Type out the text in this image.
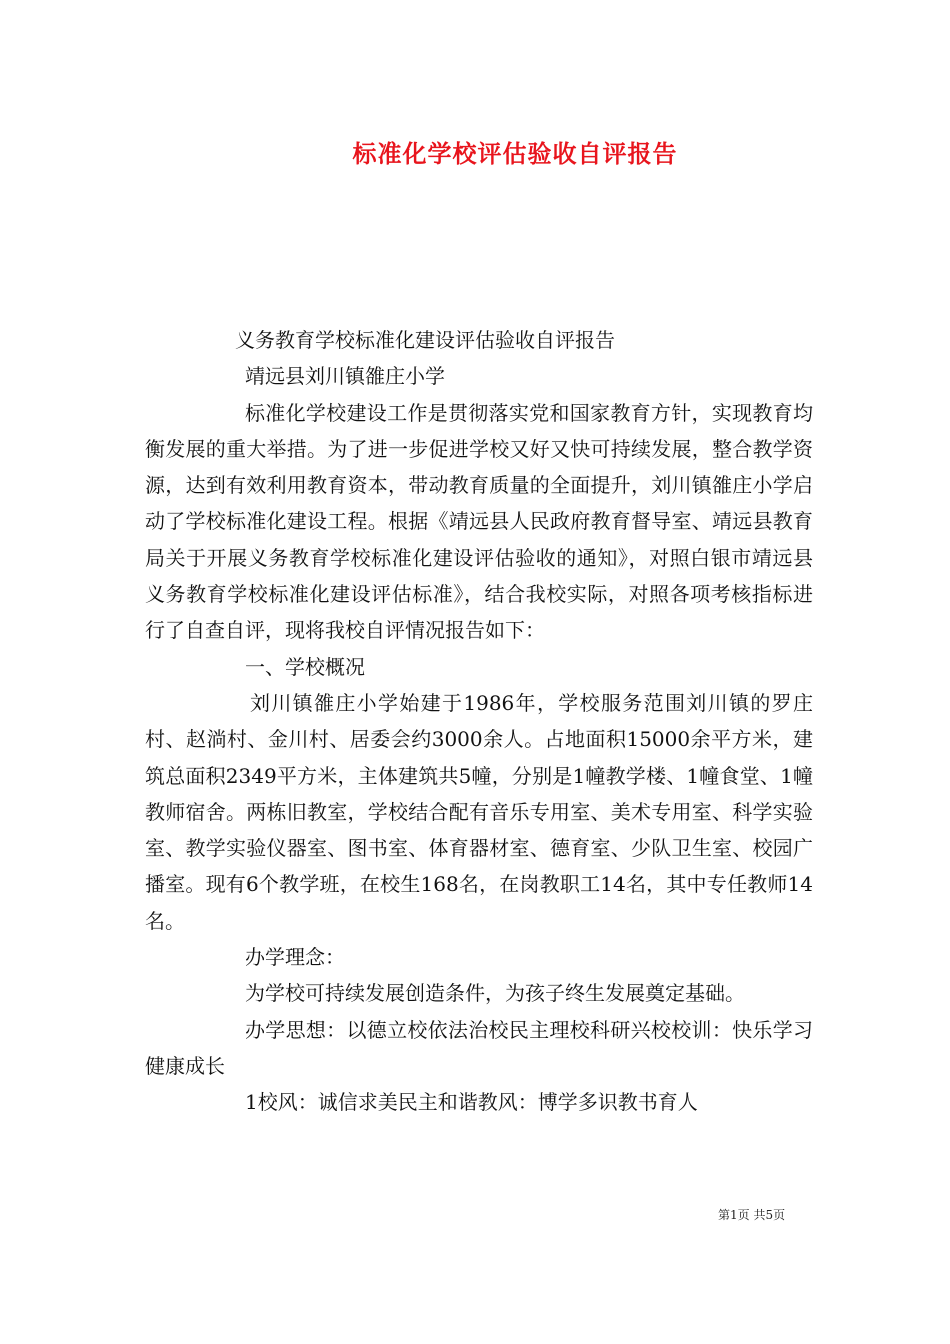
标准化学校评估验收自评报告

义务教育学校标准化建设评估验收自评报告

靖远县刘川镇雒庄小学

标准化学校建设工作是贯彻落实党和国家教育方针，实现教育均衡发展的重大举措。为了进一步促进学校又好又快可持续发展，整合教学资源，达到有效利用教育资本，带动教育质量的全面提升，刘川镇雒庄小学启动了学校标准化建设工程。根据《靖远县人民政府教育督导室、靖远县教育局关于开展义务教育学校标准化建设评估验收的通知》，对照白银市靖远县义务教育学校标准化建设评估标准》，结合我校实际，对照各项考核指标进行了自查自评，现将我校自评情况报告如下：

一、学校概况

刘川镇雒庄小学始建于1986年，学校服务范围刘川镇的罗庄村、赵淌村、金川村、居委会约3000余人。占地面积15000余平方米，建筑总面积2349平方米，主体建筑共5幢，分别是1幢教学楼、1幢食堂、1幢教师宿舍。两栋旧教室，学校结合配有音乐专用室、美术专用室、科学实验室、教学实验仪器室、图书室、体育器材室、德育室、少队卫生室、校园广播室。现有6个教学班，在校生168名，在岗教职工14名，其中专任教师14名。

办学理念：

为学校可持续发展创造条件，为孩子终生发展奠定基础。

办学思想：以德立校依法治校民主理校科研兴校校训：快乐学习健康成长

1校风：诚信求美民主和谐教风：博学多识教书育人

第1页 共5页
